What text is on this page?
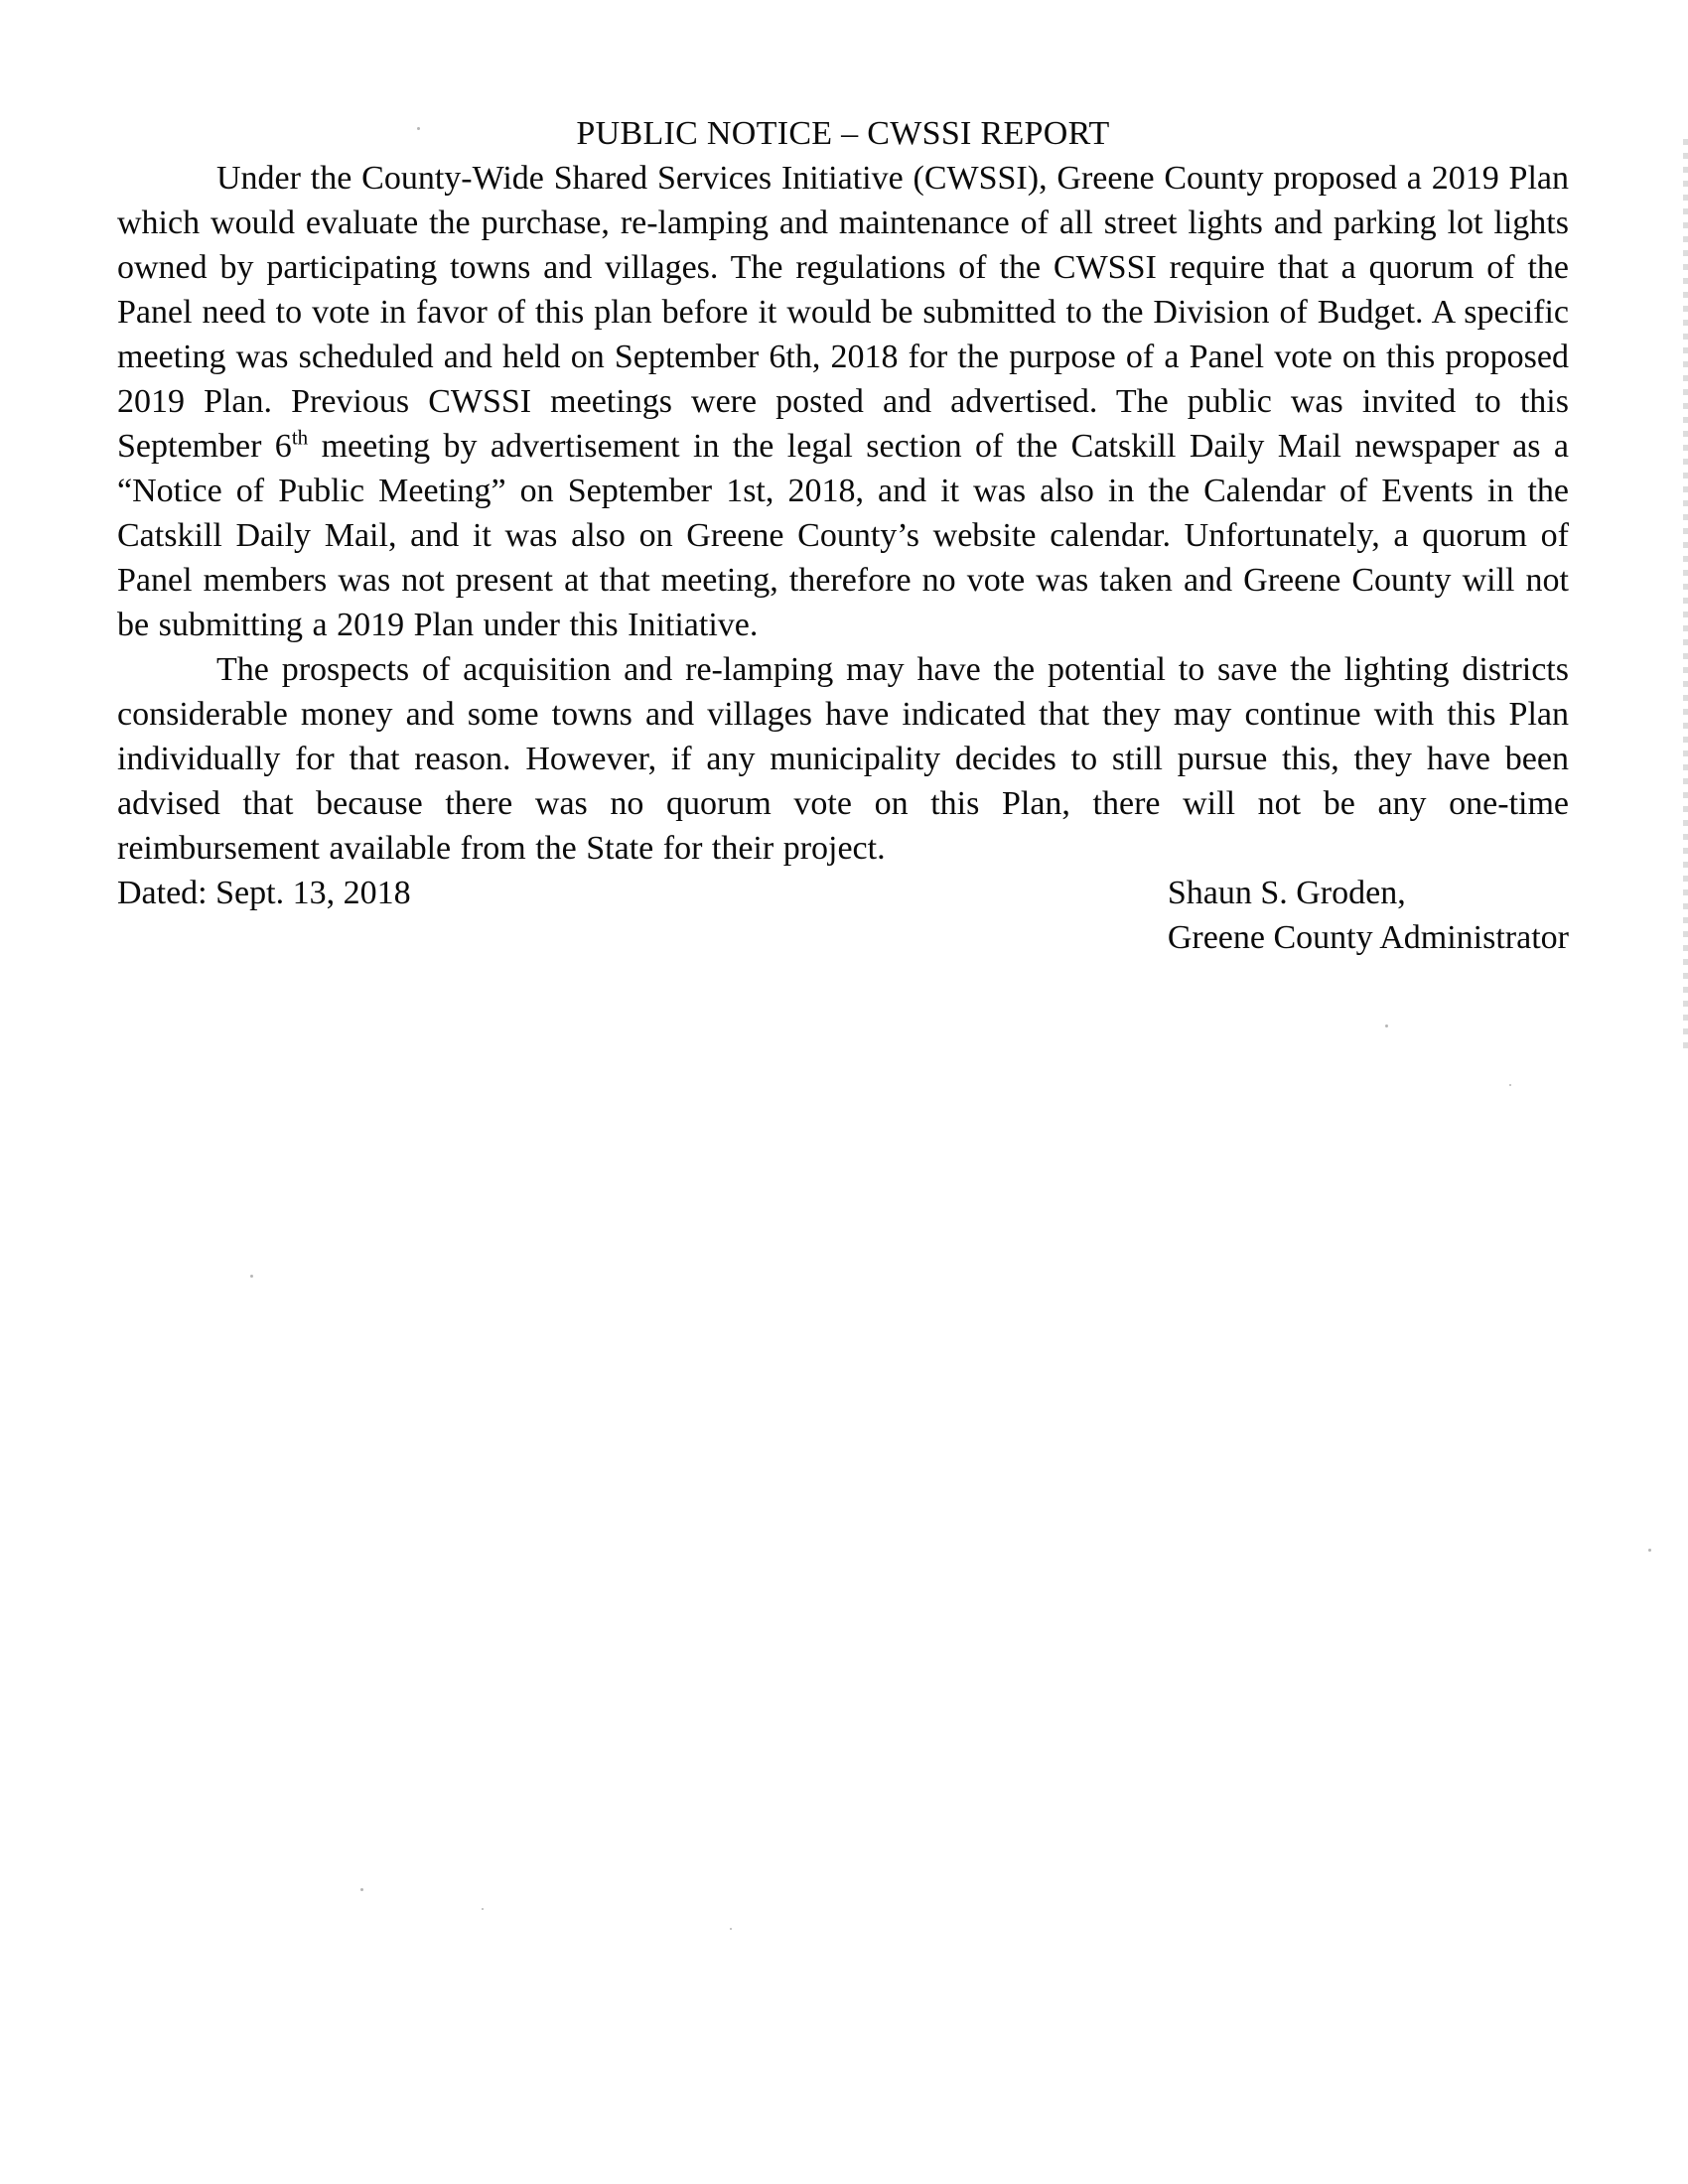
PUBLIC NOTICE – CWSSI REPORT

Under the County-Wide Shared Services Initiative (CWSSI), Greene County proposed a 2019 Plan which would evaluate the purchase, re-lamping and maintenance of all street lights and parking lot lights owned by participating towns and villages. The regulations of the CWSSI require that a quorum of the Panel need to vote in favor of this plan before it would be submitted to the Division of Budget. A specific meeting was scheduled and held on September 6th, 2018 for the purpose of a Panel vote on this proposed 2019 Plan. Previous CWSSI meetings were posted and advertised. The public was invited to this September 6th meeting by advertisement in the legal section of the Catskill Daily Mail newspaper as a “Notice of Public Meeting” on September 1st, 2018, and it was also in the Calendar of Events in the Catskill Daily Mail, and it was also on Greene County’s website calendar. Unfortunately, a quorum of Panel members was not present at that meeting, therefore no vote was taken and Greene County will not be submitting a 2019 Plan under this Initiative.

The prospects of acquisition and re-lamping may have the potential to save the lighting districts considerable money and some towns and villages have indicated that they may continue with this Plan individually for that reason. However, if any municipality decides to still pursue this, they have been advised that because there was no quorum vote on this Plan, there will not be any one-time reimbursement available from the State for their project.

Dated: Sept. 13, 2018	Shaun S. Groden,
Greene County Administrator
